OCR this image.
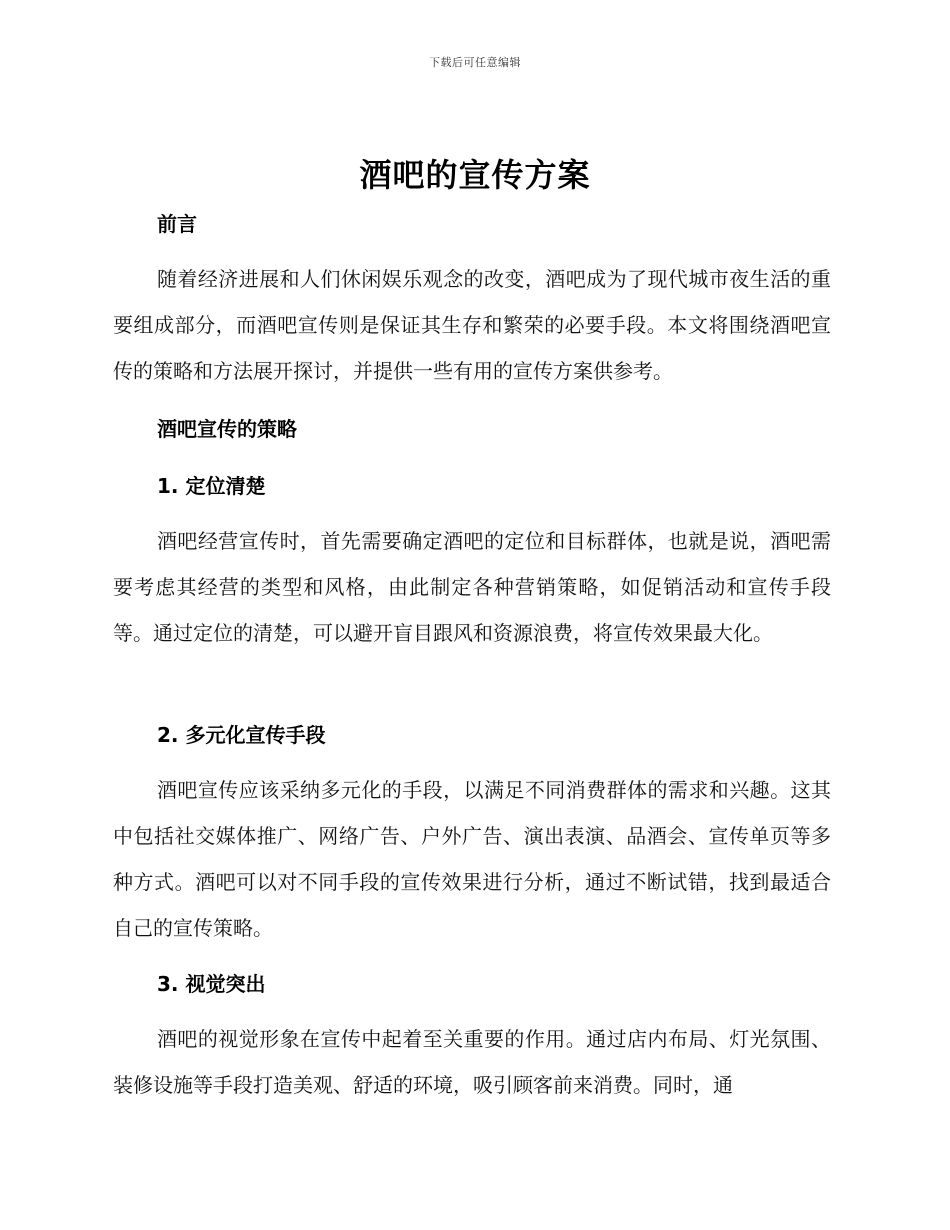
下载后可任意编辑
酒吧的宣传方案
前言

随着经济进展和人们休闲娱乐观念的改变，酒吧成为了现代城市夜生活的重要组成部分，而酒吧宣传则是保证其生存和繁荣的必要手段。本文将围绕酒吧宣传的策略和方法展开探讨，并提供一些有用的宣传方案供参考。

酒吧宣传的策略
1. 定位清楚

酒吧经营宣传时，首先需要确定酒吧的定位和目标群体，也就是说，酒吧需要考虑其经营的类型和风格，由此制定各种营销策略，如促销活动和宣传手段等。通过定位的清楚，可以避开盲目跟风和资源浪费，将宣传效果最大化。

2. 多元化宣传手段

酒吧宣传应该采纳多元化的手段，以满足不同消费群体的需求和兴趣。这其中包括社交媒体推广、网络广告、户外广告、演出表演、品酒会、宣传单页等多种方式。酒吧可以对不同手段的宣传效果进行分析，通过不断试错，找到最适合自己的宣传策略。

3. 视觉突出

酒吧的视觉形象在宣传中起着至关重要的作用。通过店内布局、灯光氛围、装修设施等手段打造美观、舒适的环境，吸引顾客前来消费。同时，通
